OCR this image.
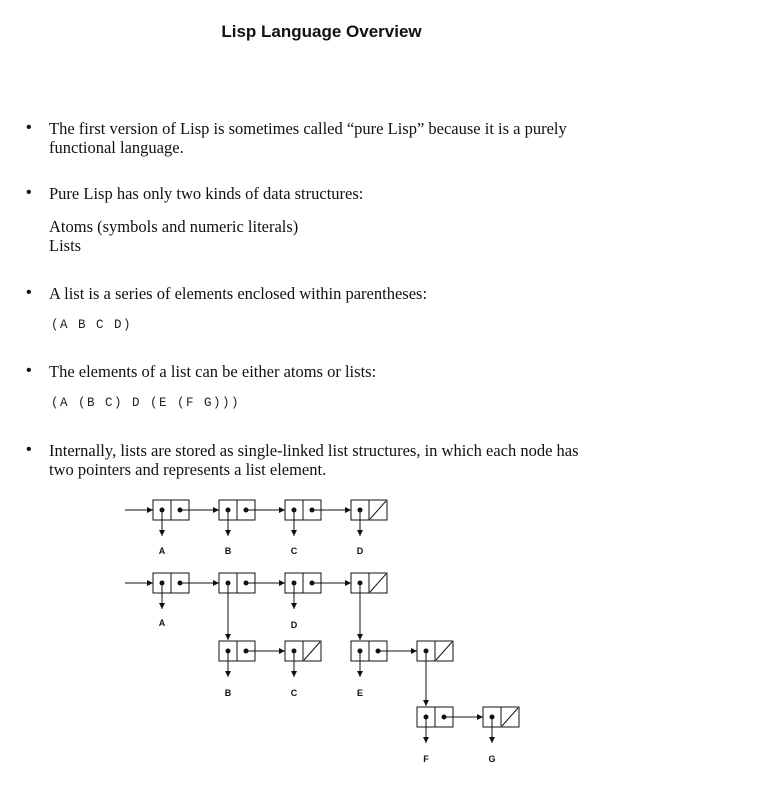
Lisp Language Overview
• The first version of Lisp is sometimes called “pure Lisp” because it is a purely
functional language.
• Pure Lisp has only two kinds of data structures:
Atoms (symbols and numeric literals)
Lists
• A list is a series of elements enclosed within parentheses:
(A B C D)
• The elements of a list can be either atoms or lists:
(A (B C) D (E (F G)))
• Internally, lists are stored as single-linked list structures, in which each node has
two pointers and represents a list element.
A	B	C	D
A	D
B	C	E
F	G
